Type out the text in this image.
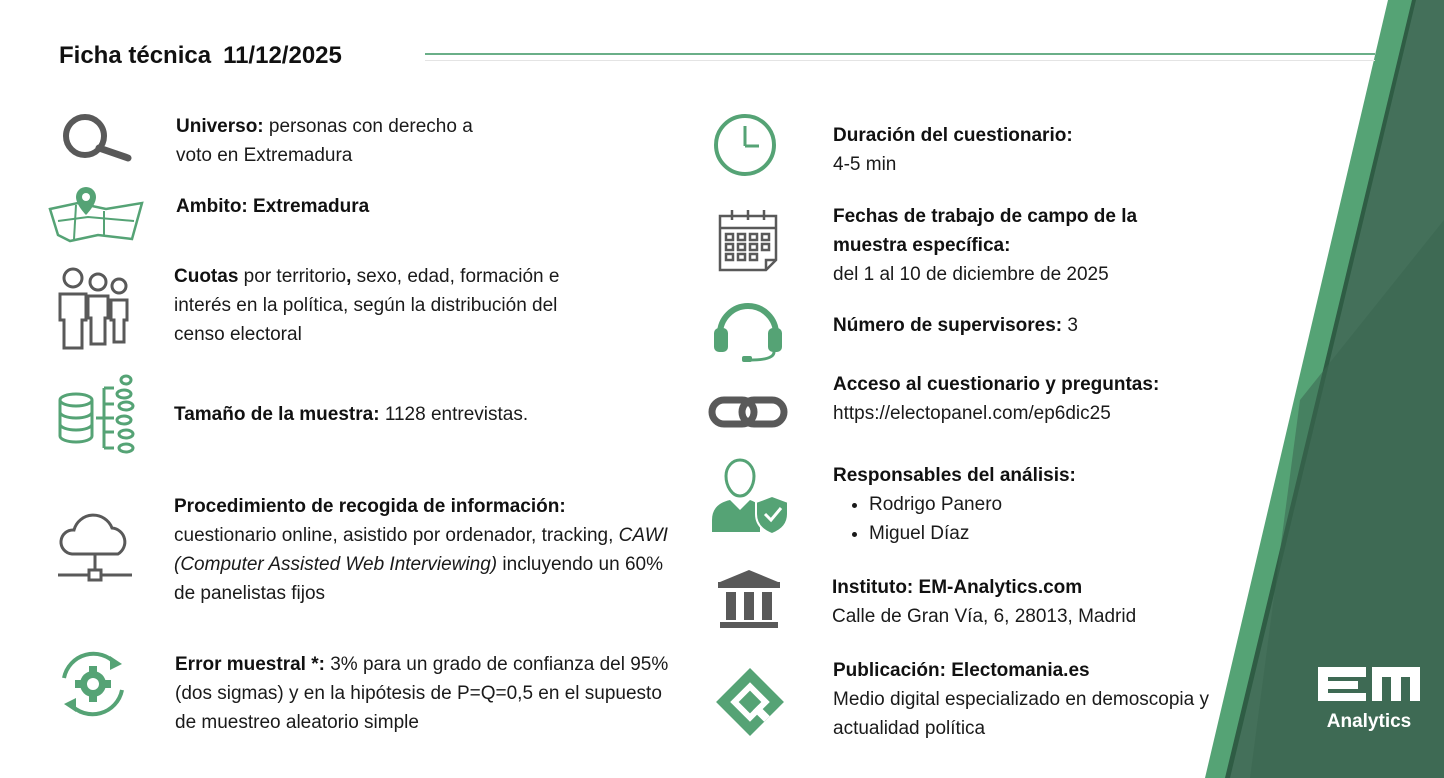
Ficha técnica 11/12/2025
Universo: personas con derecho a voto en Extremadura
Ambito: Extremadura
Cuotas por territorio, sexo, edad, formación e interés en la política, según la distribución del censo electoral
Tamaño de la muestra: 1128 entrevistas.
Procedimiento de recogida de información:
cuestionario online, asistido por ordenador, tracking, CAWI (Computer Assisted Web Interviewing) incluyendo un 60% de panelistas fijos
Error muestral *: 3% para un grado de confianza del 95% (dos sigmas) y en la hipótesis de P=Q=0,5 en el supuesto de muestreo aleatorio simple
Duración del cuestionario:
4-5 min
Fechas de trabajo de campo de la muestra específica:
del 1 al 10 de diciembre de 2025
Número de supervisores: 3
Acceso al cuestionario y preguntas:
https://electopanel.com/ep6dic25
Responsables del análisis:
• Rodrigo Panero
• Miguel Díaz
Instituto: EM-Analytics.com
Calle de Gran Vía, 6, 28013, Madrid
Publicación: Electomania.es
Medio digital especializado en demoscopia y actualidad política	Analytics
